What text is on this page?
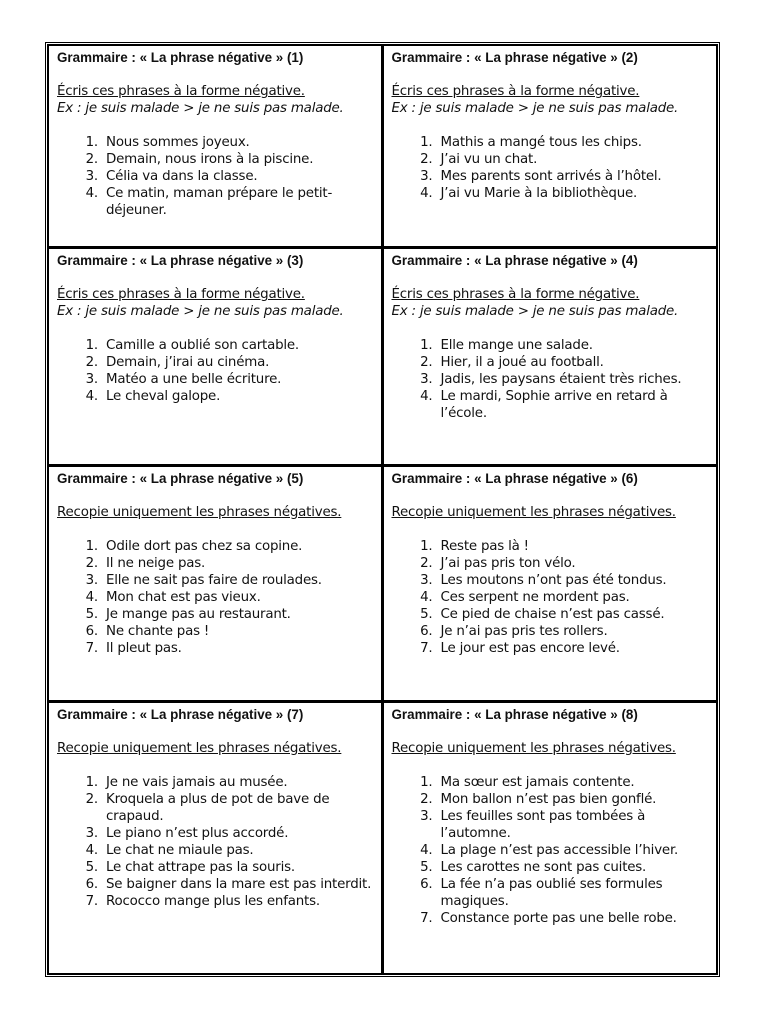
Grammaire : « La phrase négative » (1)
Écris ces phrases à la forme négative.
Ex : je suis malade > je ne suis pas malade.
1. Nous sommes joyeux.
2. Demain, nous irons à la piscine.
3. Célia va dans la classe.
4. Ce matin, maman prépare le petit-déjeuner.
Grammaire : « La phrase négative » (2)
Écris ces phrases à la forme négative.
Ex : je suis malade > je ne suis pas malade.
1. Mathis a mangé tous les chips.
2. J’ai vu un chat.
3. Mes parents sont arrivés à l’hôtel.
4. J’ai vu Marie à la bibliothèque.
Grammaire : « La phrase négative » (3)
Écris ces phrases à la forme négative.
Ex : je suis malade > je ne suis pas malade.
1. Camille a oublié son cartable.
2. Demain, j’irai au cinéma.
3. Matéo a une belle écriture.
4. Le cheval galope.
Grammaire : « La phrase négative » (4)
Écris ces phrases à la forme négative.
Ex : je suis malade > je ne suis pas malade.
1. Elle mange une salade.
2. Hier, il a joué au football.
3. Jadis, les paysans étaient très riches.
4. Le mardi, Sophie arrive en retard à l’école.
Grammaire : « La phrase négative » (5)
Recopie uniquement les phrases négatives.
1. Odile dort pas chez sa copine.
2. Il ne neige pas.
3. Elle ne sait pas faire de roulades.
4. Mon chat est pas vieux.
5. Je mange pas au restaurant.
6. Ne chante pas !
7. Il pleut pas.
Grammaire : « La phrase négative » (6)
Recopie uniquement les phrases négatives.
1. Reste pas là !
2. J’ai pas pris ton vélo.
3. Les moutons n’ont pas été tondus.
4. Ces serpent ne mordent pas.
5. Ce pied de chaise n’est pas cassé.
6. Je n’ai pas pris tes rollers.
7. Le jour est pas encore levé.
Grammaire : « La phrase négative » (7)
Recopie uniquement les phrases négatives.
1. Je ne vais jamais au musée.
2. Kroquela a plus de pot de bave de crapaud.
3. Le piano n’est plus accordé.
4. Le chat ne miaule pas.
5. Le chat attrape pas la souris.
6. Se baigner dans la mare est pas interdit.
7. Rococco mange plus les enfants.
Grammaire : « La phrase négative » (8)
Recopie uniquement les phrases négatives.
1. Ma sœur est jamais contente.
2. Mon ballon n’est pas bien gonflé.
3. Les feuilles sont pas tombées à l’automne.
4. La plage n’est pas accessible l’hiver.
5. Les carottes ne sont pas cuites.
6. La fée n’a pas oublié ses formules magiques.
7. Constance porte pas une belle robe.
